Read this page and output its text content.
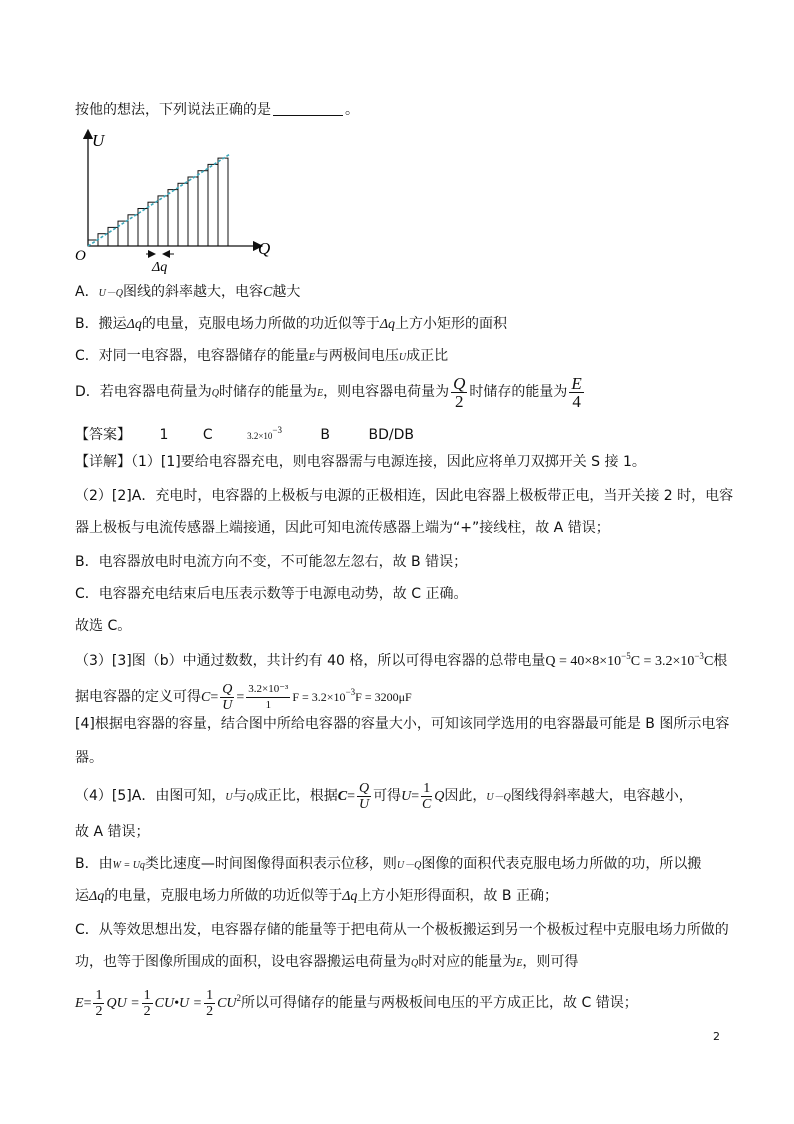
按他的想法，下列说法正确的是	。
U
Q
O
Δq
A．U－Q图线的斜率越大，电容C越大
B．搬运Δq的电量，克服电场力所做的功近似等于Δq上方小矩形的面积
C．对同一电容器，电容器储存的能量E与两极间电压U成正比
D．若电容器电荷量为Q时储存的能量为E，则电容器电荷量为 $\frac{Q}{2}$ 时储存的能量为 $\frac{E}{4}$
【答案】 1 C	3.2×10−3	B	BD/DB
【详解】（1）[1]要给电容器充电，则电容器需与电源连接，因此应将单刀双掷开关 S 接 1。
（2）[2]A．充电时，电容器的上极板与电源的正极相连，因此电容器上极板带正电，当开关接 2 时，电容
器上极板与电流传感器上端接通，因此可知电流传感器上端为“+”接线柱，故 A 错误；
B．电容器放电时电流方向不变，不可能忽左忽右，故 B 错误；
C．电容器充电结束后电压表示数等于电源电动势，故 C 正确。
故选 C。
（3）[3]图（b）中通过数数，共计约有 40 格，所以可得电容器的总带电量$Q = 40\times 8\times 10^{-5}C = 3.2\times 10^{-3}C$根
据电容器的定义可得$C= \frac{Q}{U} = \frac{\text{3.2×10⁻³}}{1}$ $F = 3.2\times 10^{-3}F = 3200\mu F$
[4]根据电容器的容量，结合图中所给电容器的容量大小，可知该同学选用的电容器最可能是 B 图所示电容
器。
（4）[5]A．由图可知，U与Q成正比，根据$C= \frac{Q}{U}$ 可得$U= \frac{1}{C}$ Q因此，U－Q图线得斜率越大，电容越小，
故 A 错误；
B．由W = Uq类比速度—时间图像得面积表示位移，则U－Q图像的面积代表克服电场力所做的功，所以搬
运Δq的电量，克服电场力所做的功近似等于Δq上方小矩形得面积，故 B 正确；
C．从等效思想出发，电容器存储的能量等于把电荷从一个极板搬运到另一个极板过程中克服电场力所做的
功，也等于图像所围成的面积，设电容器搬运电荷量为Q时对应的能量为E，则可得
$E= \frac{1}{2}$ QU = $\frac{1}{2}$ CU•U = $\frac{1}{2} CU^2$所以可得储存的能量与两极板间电压的平方成正比，故 C 错误；
2
